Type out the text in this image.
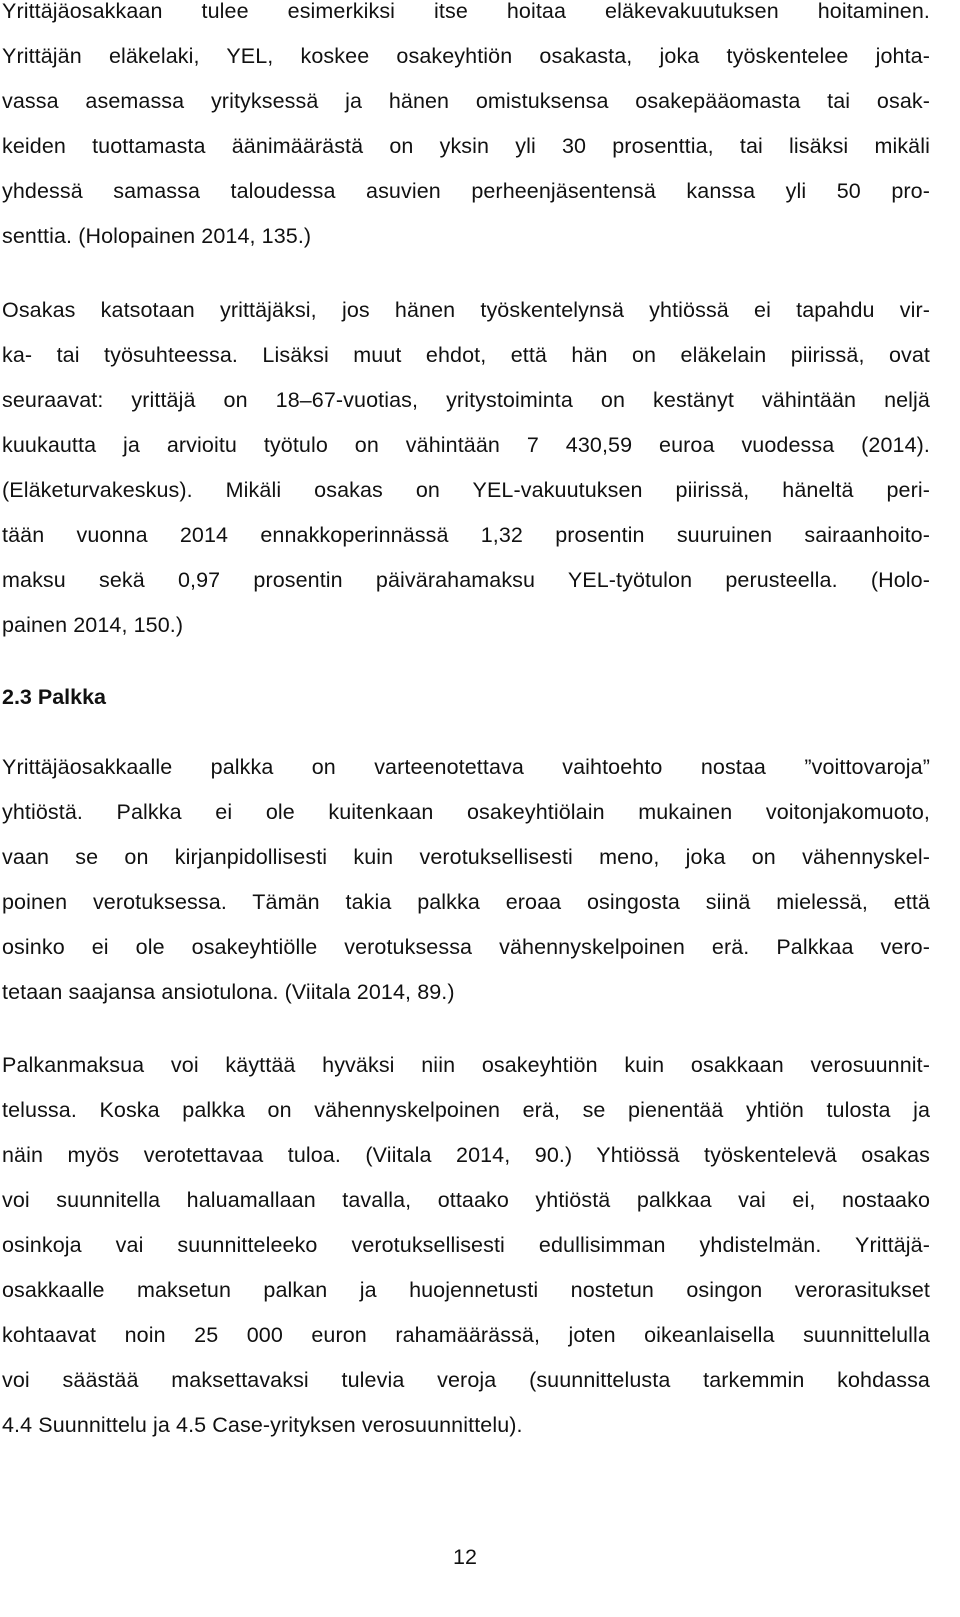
Yrittäjäosakkaan tulee esimerkiksi itse hoitaa eläkevakuutuksen hoitaminen.
Yrittäjän eläkelaki, YEL, koskee osakeyhtiön osakasta, joka työskentelee johta-
vassa asemassa yrityksessä ja hänen omistuksensa osakepääomasta tai osak-
keiden tuottamasta äänimäärästä on yksin yli 30 prosenttia, tai lisäksi mikäli
yhdessä samassa taloudessa asuvien perheenjäsentensä kanssa yli 50 pro-
senttia. (Holopainen 2014, 135.)
Osakas katsotaan yrittäjäksi, jos hänen työskentelynsä yhtiössä ei tapahdu vir-
ka- tai työsuhteessa. Lisäksi muut ehdot, että hän on eläkelain piirissä, ovat
seuraavat: yrittäjä on 18–67-vuotias, yritystoiminta on kestänyt vähintään neljä
kuukautta ja arvioitu työtulo on vähintään 7 430,59 euroa vuodessa (2014).
(Eläketurvakeskus). Mikäli osakas on YEL-vakuutuksen piirissä, häneltä peri-
tään vuonna 2014 ennakkoperinnässä 1,32 prosentin suuruinen sairaanhoito-
maksu sekä 0,97 prosentin päivärahamaksu YEL-työtulon perusteella. (Holo-
painen 2014, 150.)
2.3 Palkka
Yrittäjäosakkaalle palkka on varteenotettava vaihtoehto nostaa ”voittovaroja”
yhtiöstä. Palkka ei ole kuitenkaan osakeyhtiölain mukainen voitonjakomuoto,
vaan se on kirjanpidollisesti kuin verotuksellisesti meno, joka on vähennyskel-
poinen verotuksessa. Tämän takia palkka eroaa osingosta siinä mielessä, että
osinko ei ole osakeyhtiölle verotuksessa vähennyskelpoinen erä. Palkkaa vero-
tetaan saajansa ansiotulona. (Viitala 2014, 89.)
Palkanmaksua voi käyttää hyväksi niin osakeyhtiön kuin osakkaan verosuunnit-
telussa. Koska palkka on vähennyskelpoinen erä, se pienentää yhtiön tulosta ja
näin myös verotettavaa tuloa. (Viitala 2014, 90.) Yhtiössä työskentelevä osakas
voi suunnitella haluamallaan tavalla, ottaako yhtiöstä palkkaa vai ei, nostaako
osinkoja vai suunnitteleeko verotuksellisesti edullisimman yhdistelmän. Yrittäjä-
osakkaalle maksetun palkan ja huojennetusti nostetun osingon verorasitukset
kohtaavat noin 25 000 euron rahamäärässä, joten oikeanlaisella suunnittelulla
voi säästää maksettavaksi tulevia veroja (suunnittelusta tarkemmin kohdassa
4.4 Suunnittelu ja 4.5 Case-yrityksen verosuunnittelu).
12
